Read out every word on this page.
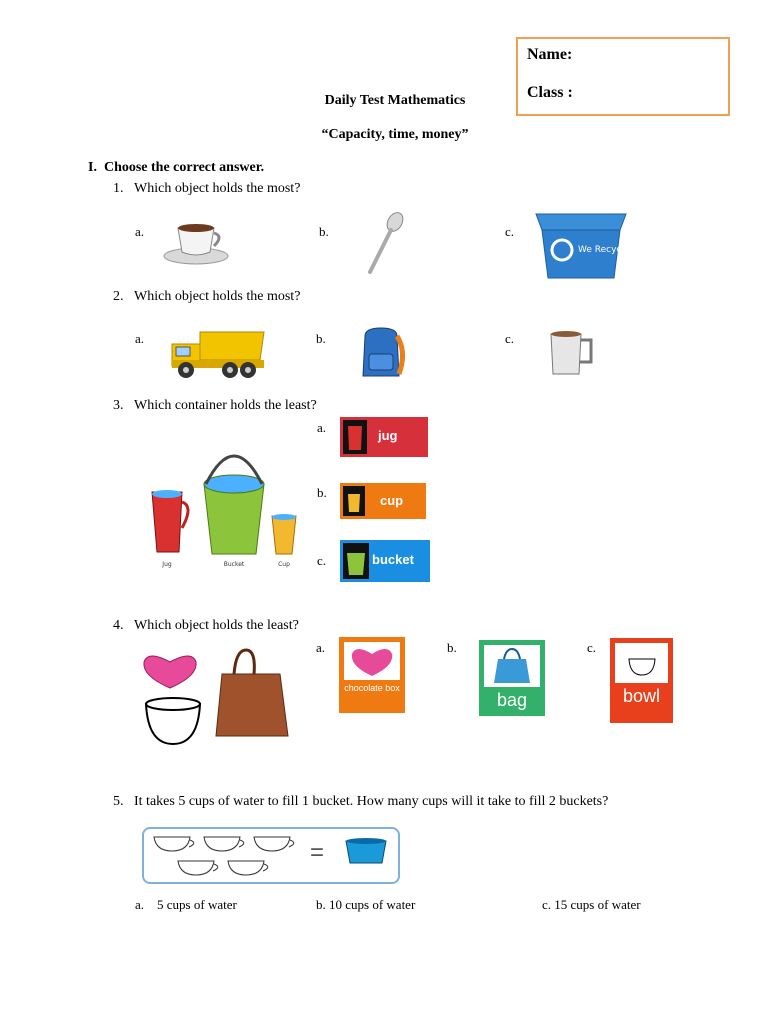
Name:
Class :
Daily Test Mathematics
“Capacity, time, money”
I. Choose the correct answer.
1. Which object holds the most?
a.	b.	c.
We Recycle
2. Which object holds the most?
a.	b.	c.
3. Which container holds the least?
Jug	Bucket	Cup
a.
b.
c.
jug
cup
bucket
4. Which object holds the least?
a.	b.	c.
chocolate box
bag	bowl
5. It takes 5 cups of water to fill 1 bucket. How many cups will it take to fill 2 buckets?
=
a. 5 cups of water	b. 10 cups of water	c. 15 cups of water
